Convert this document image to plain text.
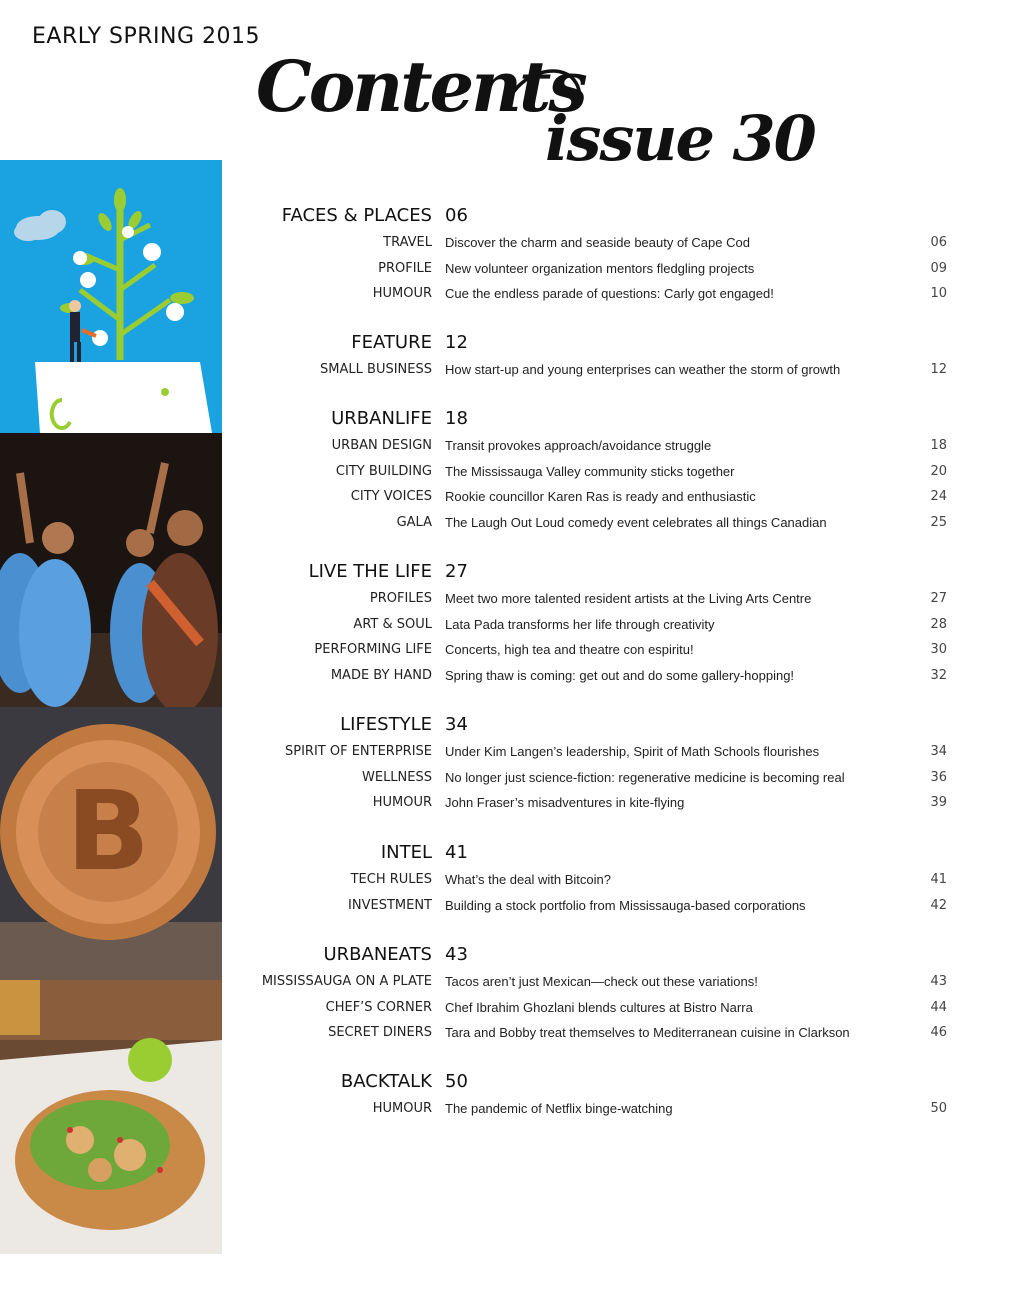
EARLY SPRING 2015
Contents
issue 30
B
FACES & PLACES 06
TRAVEL Discover the charm and seaside beauty of Cape Cod	06
PROFILE New volunteer organization mentors fledgling projects	09
HUMOUR Cue the endless parade of questions: Carly got engaged!	10
FEATURE 12
SMALL BUSINESS How start-up and young enterprises can weather the storm of growth	12
URBANLIFE 18
URBAN DESIGN Transit provokes approach/avoidance struggle	18
CITY BUILDING The Mississauga Valley community sticks together	20
CITY VOICES Rookie councillor Karen Ras is ready and enthusiastic	24
GALA The Laugh Out Loud comedy event celebrates all things Canadian	25
LIVE THE LIFE 27
PROFILES Meet two more talented resident artists at the Living Arts Centre	27
ART & SOUL Lata Pada transforms her life through creativity	28
PERFORMING LIFE Concerts, high tea and theatre con espiritu!	30
MADE BY HAND Spring thaw is coming: get out and do some gallery-hopping!	32
LIFESTYLE 34
SPIRIT OF ENTERPRISE Under Kim Langen’s leadership, Spirit of Math Schools flourishes	34
WELLNESS No longer just science-fiction: regenerative medicine is becoming real	36
HUMOUR John Fraser’s misadventures in kite-flying	39
INTEL 41
TECH RULES What’s the deal with Bitcoin?	41
INVESTMENT Building a stock portfolio from Mississauga-based corporations	42
URBANEATS 43
MISSISSAUGA ON A PLATE Tacos aren’t just Mexican—check out these variations!	43
CHEF’S CORNER Chef Ibrahim Ghozlani blends cultures at Bistro Narra	44
SECRET DINERS Tara and Bobby treat themselves to Mediterranean cuisine in Clarkson	46
BACKTALK 50
HUMOUR The pandemic of Netflix binge-watching	50
